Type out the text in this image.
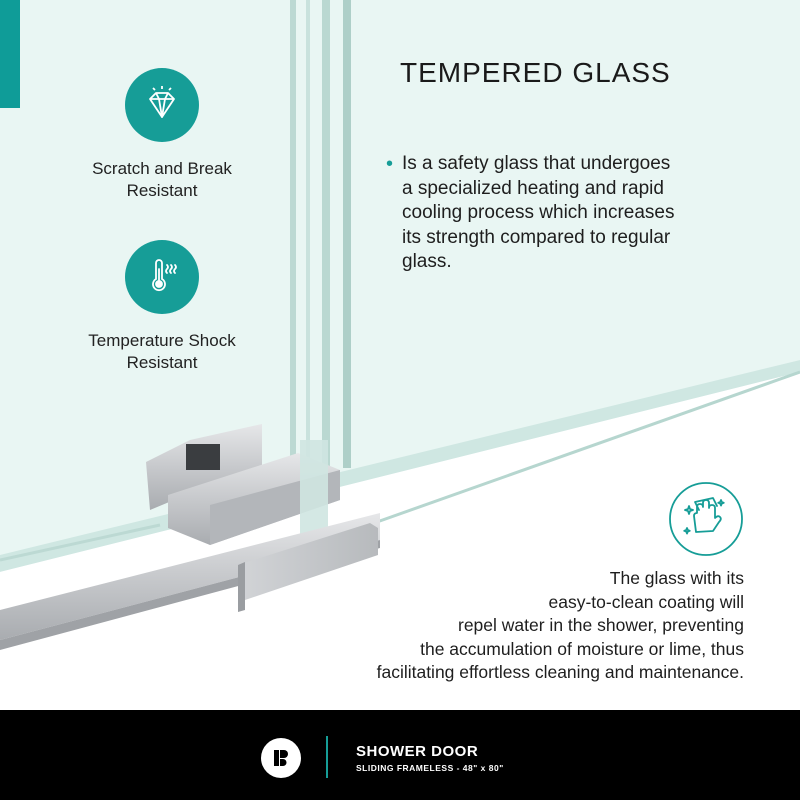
Scratch and Break
Resistant
Temperature Shock
Resistant
TEMPERED GLASS
• Is a safety glass that undergoes
a specialized heating and rapid
cooling process which increases
its strength compared to regular
glass.
The glass with its
easy-to-clean coating will
repel water in the shower, preventing
the accumulation of moisture or lime, thus
facilitating effortless cleaning and maintenance.
SHOWER DOOR
SLIDING FRAMELESS - 48" x 80"
